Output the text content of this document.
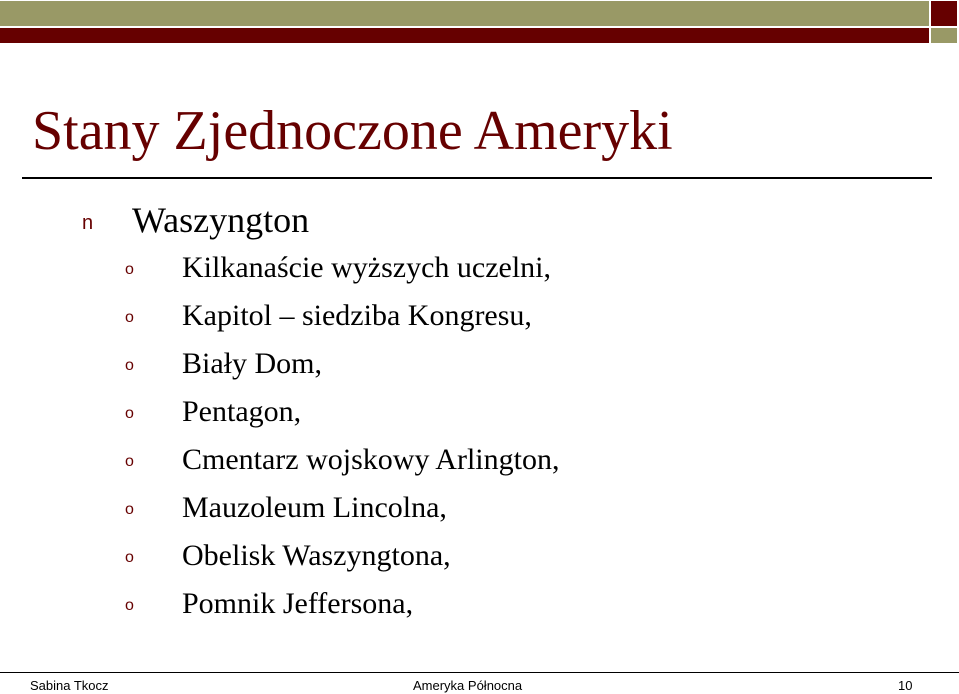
Stany Zjednoczone Ameryki
n Waszyngton
o Kilkanaście wyższych uczelni,
o Kapitol – siedziba Kongresu,
o Biały Dom,
o Pentagon,
o Cmentarz wojskowy Arlington,
o Mauzoleum Lincolna,
o Obelisk Waszyngtona,
o Pomnik Jeffersona,
Sabina Tkocz	Ameryka Północna	10
